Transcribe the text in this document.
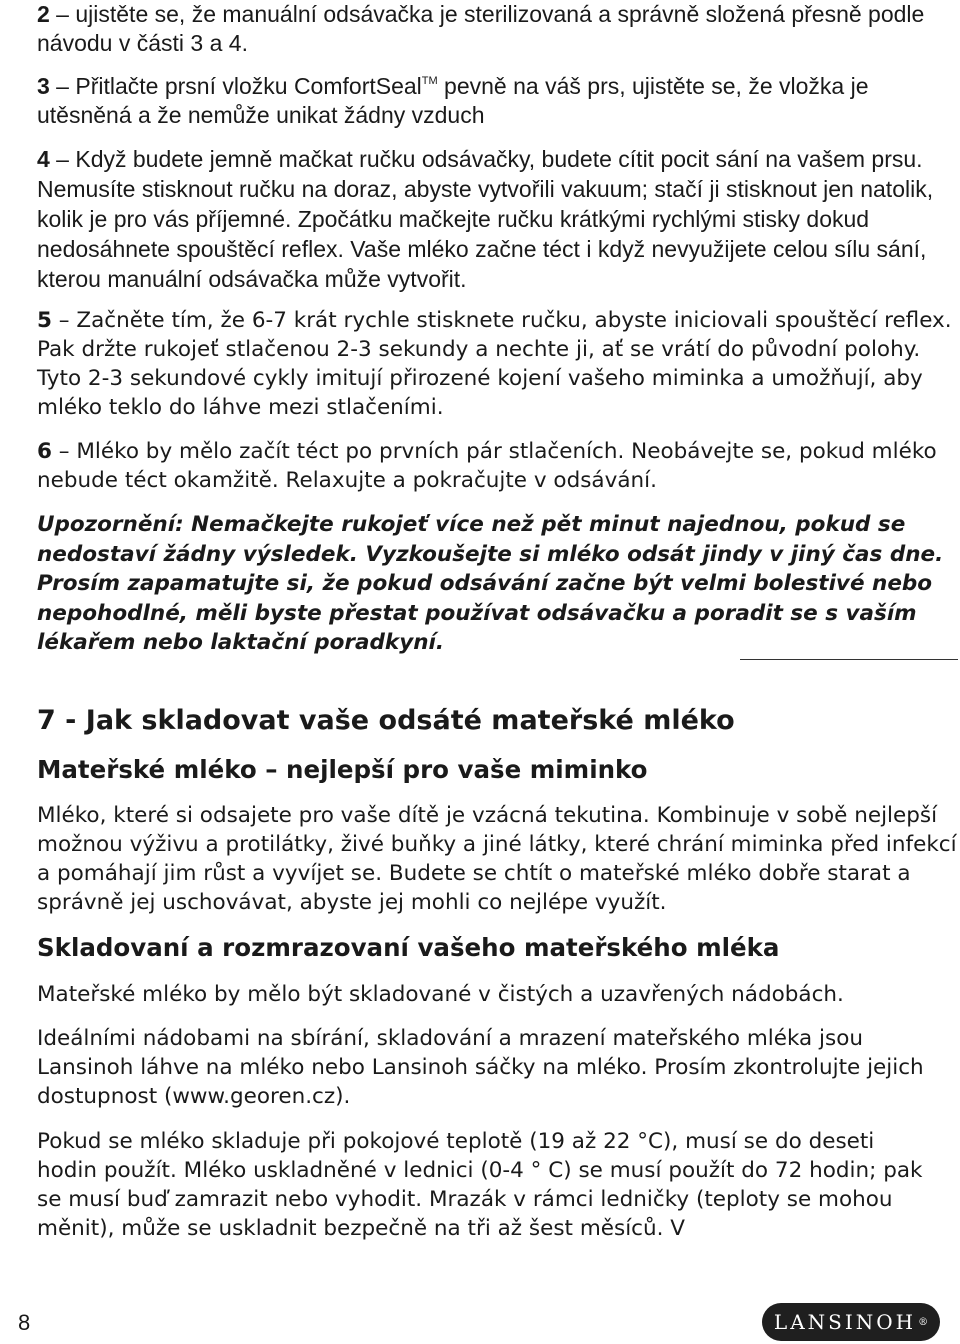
2 – ujistěte se, že manuální odsávačka je sterilizovaná a správně složená přesně podle návodu v části 3 a 4.

3 – Přitlačte prsní vložku ComfortSeal™ pevně na váš prs, ujistěte se, že vložka je utěsněná a že nemůže unikat žádny vzduch

4 – Když budete jemně mačkat ručku odsávačky, budete cítit pocit sání na vašem prsu. Nemusíte stisknout ručku na doraz, abyste vytvořili vakuum; stačí ji stisknout jen natolik, kolik je pro vás příjemné. Zpočátku mačkejte ručku krátkými rychlými stisky dokud nedosáhnete spouštěcí reflex. Vaše mléko začne téct i když nevyužijete celou sílu sání, kterou manuální odsávačka může vytvořit.

5 – Začněte tím, že 6-7 krát rychle stisknete ručku, abyste iniciovali spouštěcí reflex. Pak držte rukojeť stlačenou 2-3 sekundy a nechte ji, ať se vrátí do původní polohy. Tyto 2-3 sekundové cykly imitují přirozené kojení vašeho miminka a umožňují, aby mléko teklo do láhve mezi stlačeními.

6 – Mléko by mělo začít téct po prvních pár stlačeních. Neobávejte se, pokud mléko nebude téct okamžitě. Relaxujte a pokračujte v odsávání.

Upozornění: Nemačkejte rukojeť více než pět minut najednou, pokud se nedostaví žádny výsledek. Vyzkoušejte si mléko odsát jindy v jiný čas dne. Prosím zapamatujte si, že pokud odsávání začne být velmi bolestivé nebo nepohodlné, měli byste přestat používat odsávačku a poradit se s vaším lékařem nebo laktační poradkyní.

7 - Jak skladovat vaše odsáté mateřské mléko
Mateřské mléko – nejlepší pro vaše miminko

Mléko, které si odsajete pro vaše dítě je vzácná tekutina. Kombinuje v sobě nejlepší možnou výživu a protilátky, živé buňky a jiné látky, které chrání miminka před infekcí a pomáhají jim růst a vyvíjet se. Budete se chtít o mateřské mléko dobře starat a správně jej uschovávat, abyste jej mohli co nejlépe využít.

Skladovaní a rozmrazovaní vašeho mateřského mléka

Mateřské mléko by mělo být skladované v čistých a uzavřených nádobách.

Ideálními nádobami na sbírání, skladování a mrazení mateřského mléka jsou Lansinoh láhve na mléko nebo Lansinoh sáčky na mléko. Prosím zkontrolujte jejich dostupnost (www.georen.cz).

Pokud se mléko skladuje při pokojové teplotě (19 až 22 °C), musí se do deseti hodin použít. Mléko uskladněné v lednici (0-4 ° C) se musí použít do 72 hodin; pak se musí buď zamrazit nebo vyhodit. Mrazák v rámci ledničky (teploty se mohou měnit), může se uskladnit bezpečně na tři až šest měsíců. V

8	LANSINOH ®
